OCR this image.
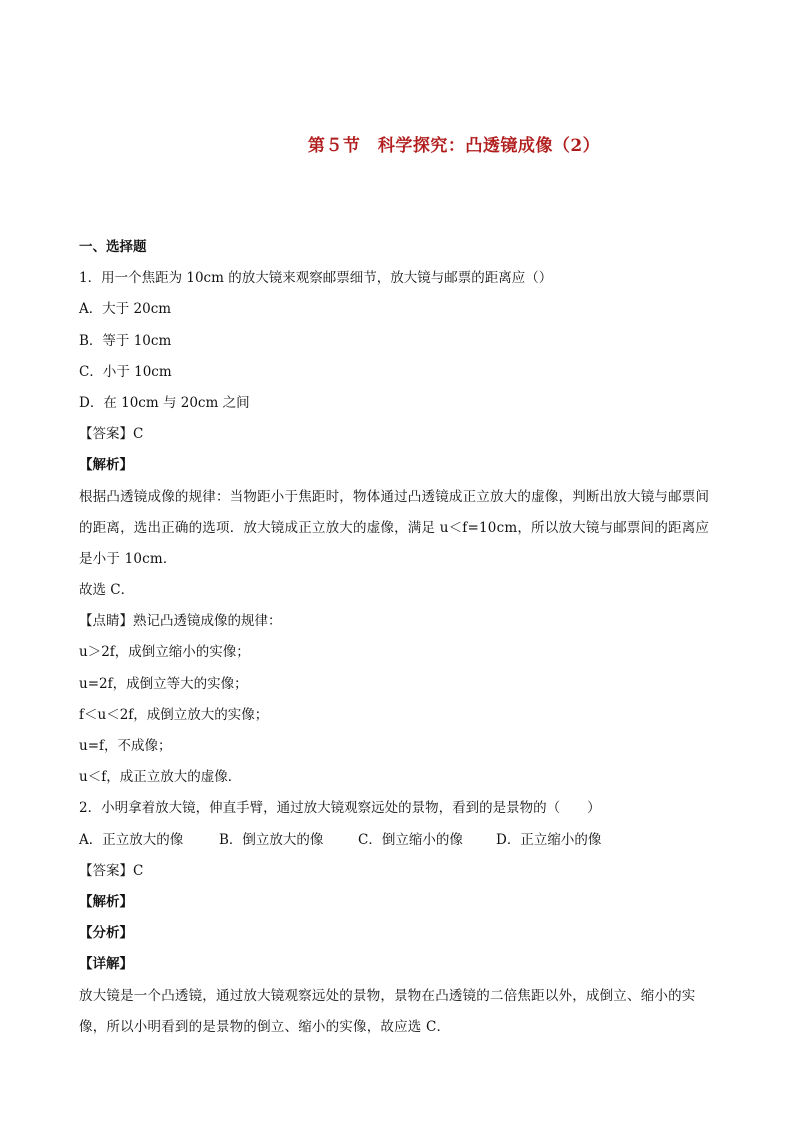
第５节　科学探究：凸透镜成像（2）
一、选择题
1．用一个焦距为 10cm 的放大镜来观察邮票细节，放大镜与邮票的距离应（）
A．大于 20cm
B．等于 10cm
C．小于 10cm
D．在 10cm 与 20cm 之间
【答案】C
【解析】
根据凸透镜成像的规律：当物距小于焦距时，物体通过凸透镜成正立放大的虚像，判断出放大镜与邮票间的距离，选出正确的选项．放大镜成正立放大的虚像，满足 u＜f=10cm，所以放大镜与邮票间的距离应是小于 10cm．
故选 C．
【点睛】熟记凸透镜成像的规律：
u＞2f，成倒立缩小的实像；
u=2f，成倒立等大的实像；
f＜u＜2f，成倒立放大的实像；
u=f，不成像；
u＜f，成正立放大的虚像．
2．小明拿着放大镜，伸直手臂，通过放大镜观察远处的景物，看到的是景物的（　　）
A．正立放大的像	B．倒立放大的像	C．倒立缩小的像	D．正立缩小的像
【答案】C
【解析】
【分析】
【详解】
放大镜是一个凸透镜，通过放大镜观察远处的景物，景物在凸透镜的二倍焦距以外，成倒立、缩小的实像，所以小明看到的是景物的倒立、缩小的实像，故应选 C．
